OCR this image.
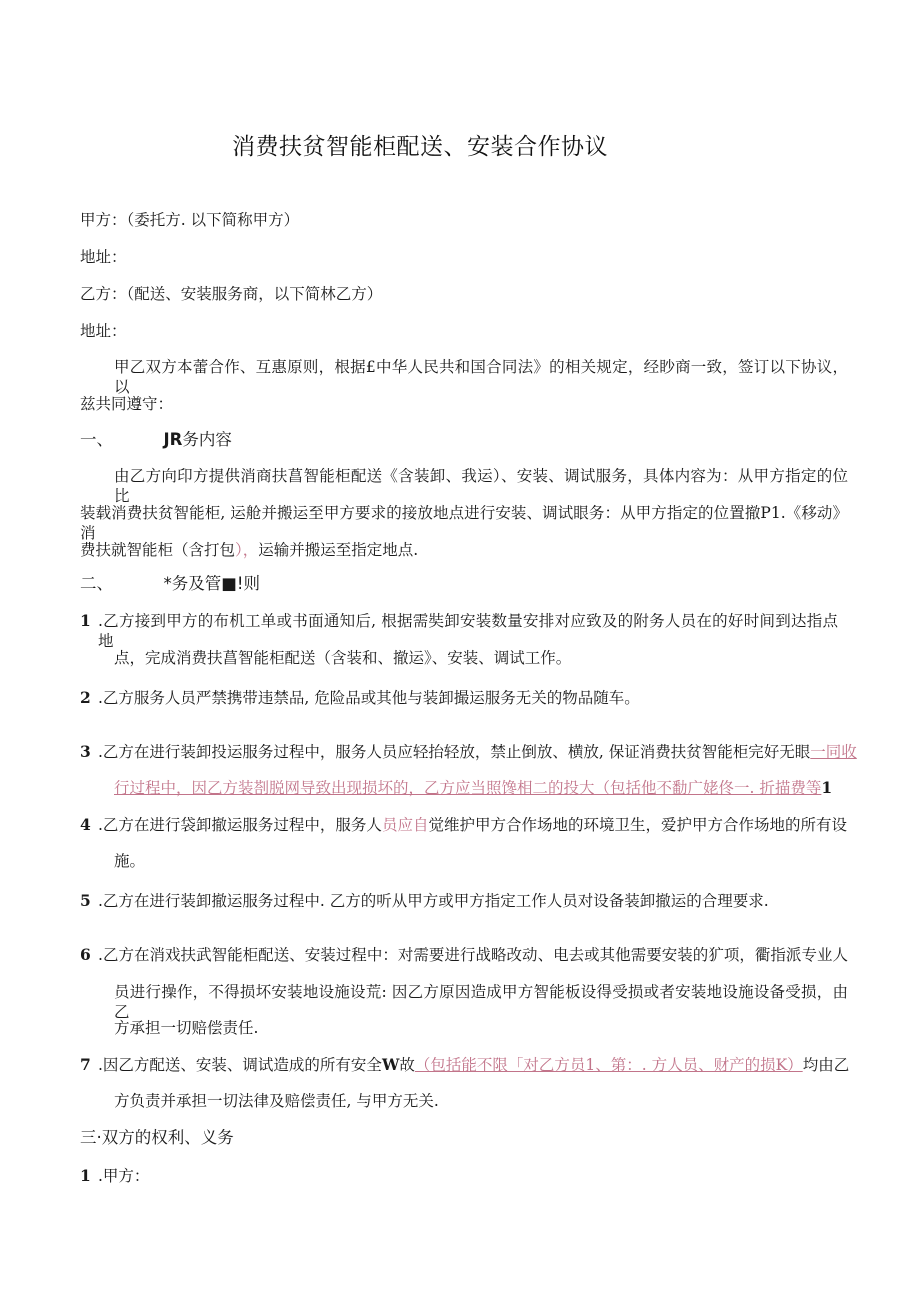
消费扶贫智能柜配送、安装合作协议
甲方：（委托方. 以下简称甲方）
地址：
乙方：（配送、安装服务商，以下简林乙方）
地址：
甲乙双方本蕾合作、互惠原则，根据£中华人民共和国合同法》的相关规定，经眇商一致，签订以下协议，以
兹共同遵守：
一、	JR务内容
由乙方向印方提供消商扶菖智能柜配送《含装卸、我运）、安装、调试服务，具体内容为：从甲方指定的位比
装载消费扶贫智能柜, 运舱并搬运至甲方要求的接放地点进行安装、调试眼务：从甲方指定的位置撤P1.《移动》消
费扶就智能柜（含打包），运输并搬运至指定地点.
二、	*务及管■!则
1 .乙方接到甲方的布机工单或书面通知后, 根据需奘卸安装数量安排对应致及的附务人员在的好时间到达指点地
点，完成消费扶菖智能柜配送（含装和、撤运》、安装、调试工作。
2 .乙方服务人员严禁携带违禁品, 危险品或其他与装卸撮运服务无关的物品随车。
3 .乙方在进行装卸投运服务过程中，服务人员应轻抬轻放，禁止倒放、横放, 保证消费扶贫智能柜完好无眼一同收
行过程中，因乙方装剳脱网导致出现损坏的，乙方应当照馋相二的投大（包括他不勫广姥佟一. 折描费等1
4 .乙方在进行袋卸撤运服务过程中，服务人员应自觉维护甲方合作场地的环境卫生，爱护甲方合作场地的所有设
施。
5 .乙方在进行装卸撤运服务过程中. 乙方的听从甲方或甲方指定工作人员对设备装卸撤运的合理要求.
6 .乙方在消戏扶武智能柜配送、安装过程中：对需要进行战略改动、电去或其他需要安装的犷项，衢指派专业人
员进行操作，不得损坏安装地设施设荒: 因乙方原因造成甲方智能板设得受损或者安装地设施设备受损，由乙
方承担一切赔偿责任.
7 .因乙方配送、安装、调试造成的所有安全W故（包括能不限「对乙方员1、第：. 方人员、财产的损K）均由乙
方负责并承担一切法律及赔偿责任, 与甲方无关.
三·双方的权利、义务
1 .甲方：
